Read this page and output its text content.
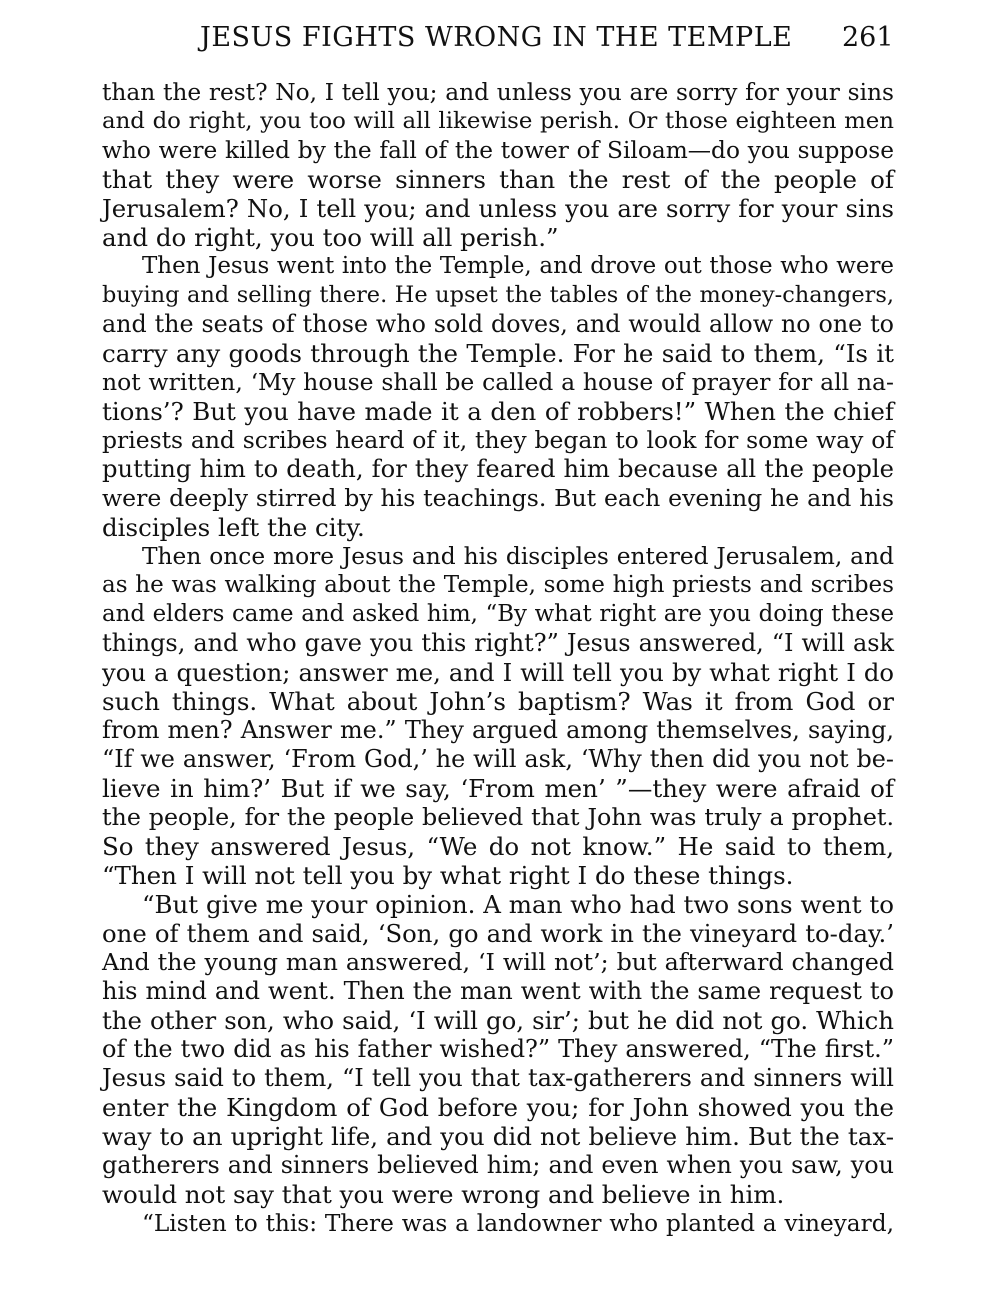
JESUS FIGHTS WRONG IN THE TEMPLE 261
than the rest? No, I tell you; and unless you are sorry for your sins
and do right, you too will all likewise perish. Or those eighteen men
who were killed by the fall of the tower of Siloam—do you suppose
that they were worse sinners than the rest of the people of
Jerusalem? No, I tell you; and unless you are sorry for your sins
and do right, you too will all perish.”
Then Jesus went into the Temple, and drove out those who were
buying and selling there. He upset the tables of the money-changers,
and the seats of those who sold doves, and would allow no one to
carry any goods through the Temple. For he said to them, “Is it
not written, ‘My house shall be called a house of prayer for all na-
tions’? But you have made it a den of robbers!” When the chief
priests and scribes heard of it, they began to look for some way of
putting him to death, for they feared him because all the people
were deeply stirred by his teachings. But each evening he and his
disciples left the city.
Then once more Jesus and his disciples entered Jerusalem, and
as he was walking about the Temple, some high priests and scribes
and elders came and asked him, “By what right are you doing these
things, and who gave you this right?” Jesus answered, “I will ask
you a question; answer me, and I will tell you by what right I do
such things. What about John’s baptism? Was it from God or
from men? Answer me.” They argued among themselves, saying,
“If we answer, ‘From God,’ he will ask, ‘Why then did you not be-
lieve in him?’ But if we say, ‘From men’ ”—they were afraid of
the people, for the people believed that John was truly a prophet.
So they answered Jesus, “We do not know.” He said to them,
“Then I will not tell you by what right I do these things.
“But give me your opinion. A man who had two sons went to
one of them and said, ‘Son, go and work in the vineyard to-day.’
And the young man answered, ‘I will not’; but afterward changed
his mind and went. Then the man went with the same request to
the other son, who said, ‘I will go, sir’; but he did not go. Which
of the two did as his father wished?” They answered, “The first.”
Jesus said to them, “I tell you that tax-gatherers and sinners will
enter the Kingdom of God before you; for John showed you the
way to an upright life, and you did not believe him. But the tax-
gatherers and sinners believed him; and even when you saw, you
would not say that you were wrong and believe in him.
“Listen to this: There was a landowner who planted a vineyard,
